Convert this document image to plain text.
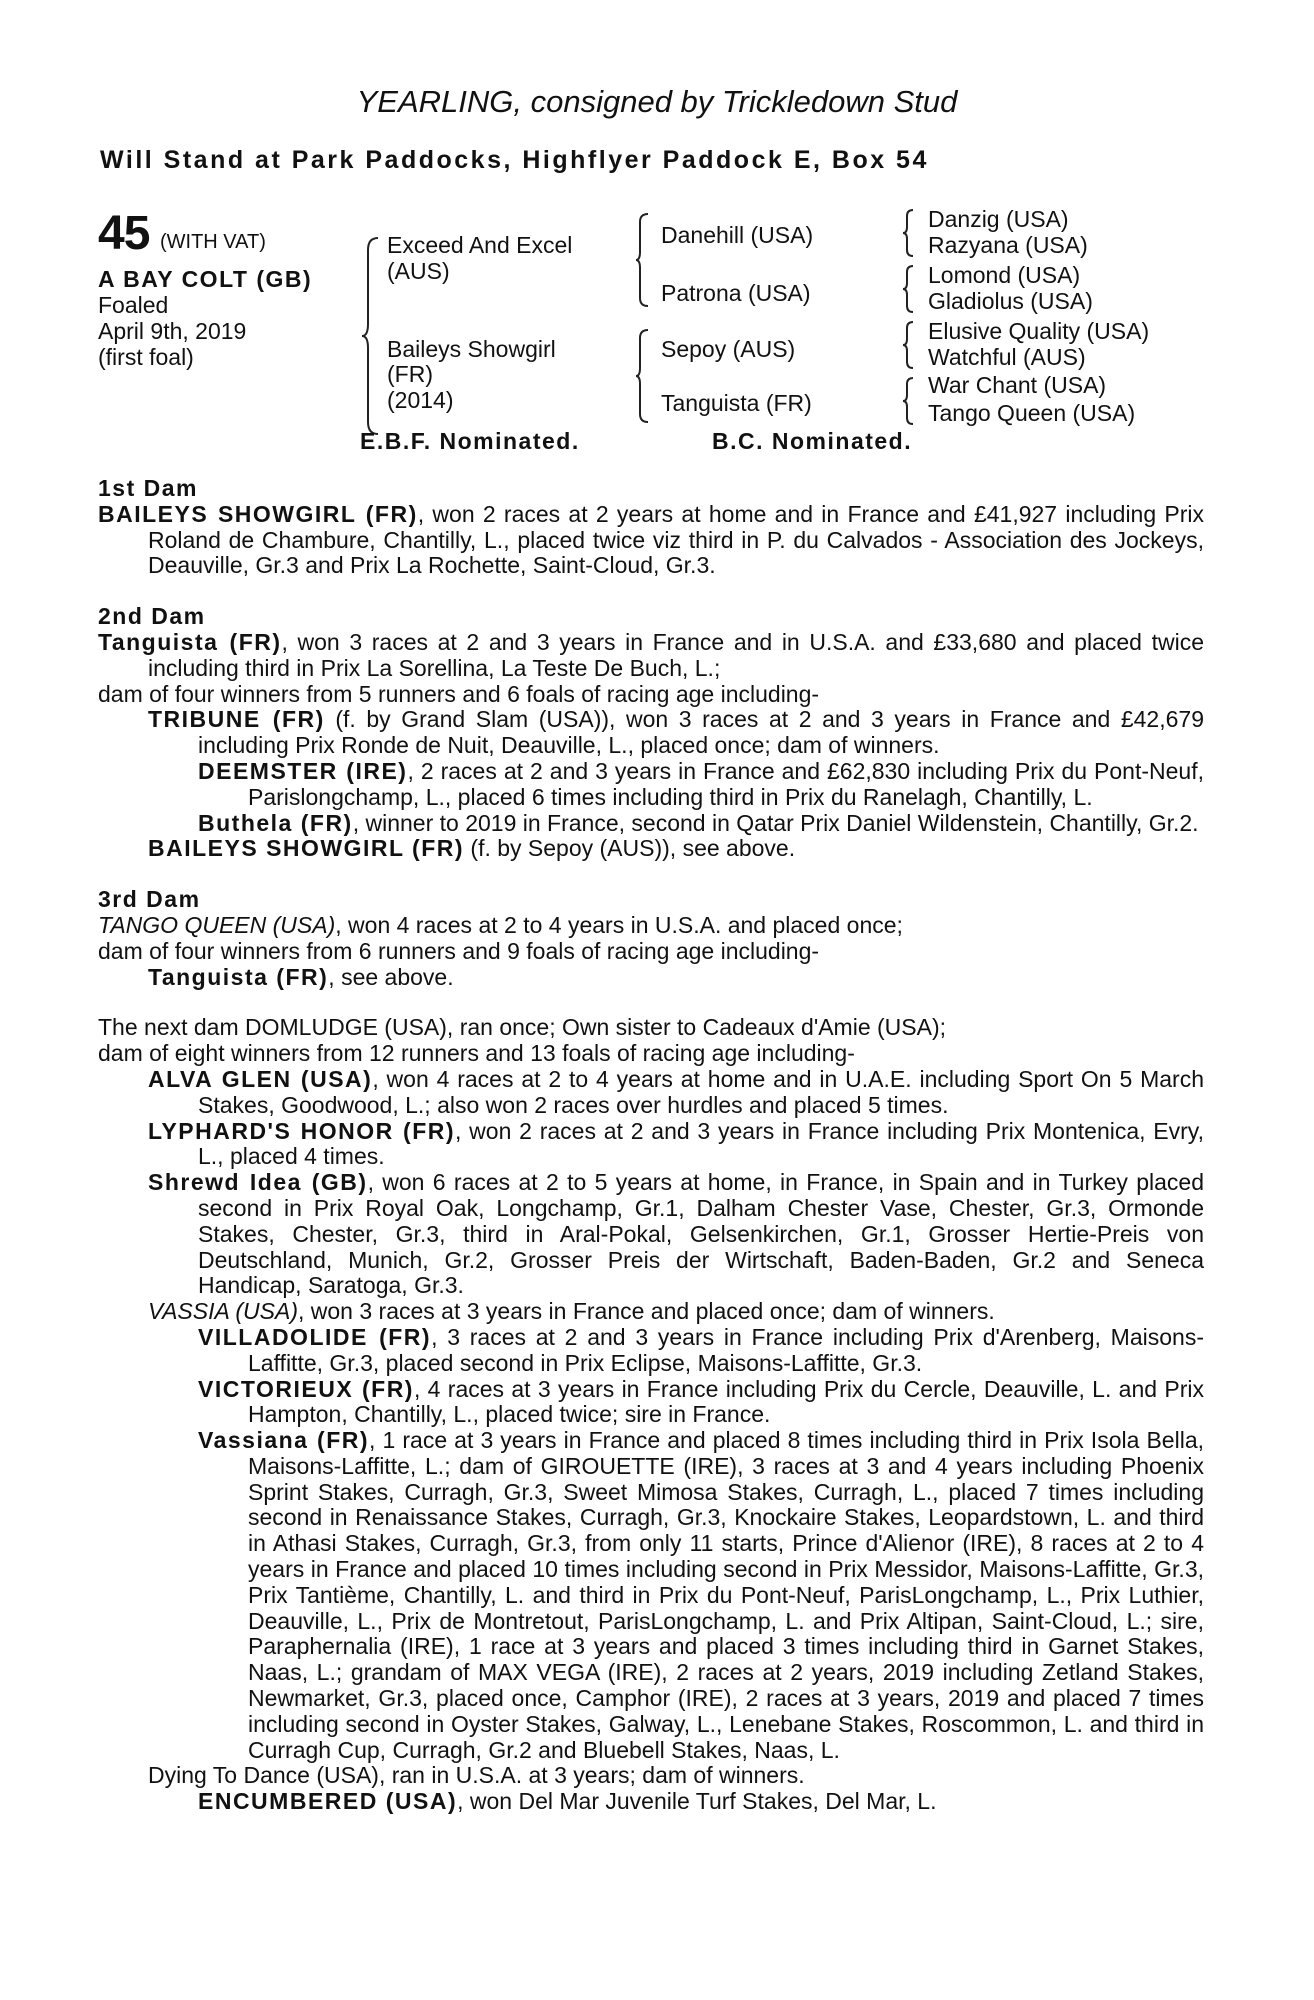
YEARLING, consigned by Trickledown Stud
Will Stand at Park Paddocks, Highflyer Paddock E, Box 54
45 (WITH VAT)
A BAY COLT (GB)
Foaled
April 9th, 2019
(first foal)
Exceed And Excel
(AUS)
Baileys Showgirl
(FR)
(2014)
Danehill (USA)
Patrona (USA)
Sepoy (AUS)
Tanguista (FR)
Danzig (USA)
Razyana (USA)
Lomond (USA)
Gladiolus (USA)
Elusive Quality (USA)
Watchful (AUS)
War Chant (USA)
Tango Queen (USA)
E.B.F. Nominated.	B.C. Nominated.
1st Dam
BAILEYS SHOWGIRL (FR), won 2 races at 2 years at home and in France and £41,927 including Prix Roland de Chambure, Chantilly, L., placed twice viz third in P. du Calvados - Association des Jockeys, Deauville, Gr.3 and Prix La Rochette, Saint-Cloud, Gr.3.
2nd Dam
Tanguista (FR), won 3 races at 2 and 3 years in France and in U.S.A. and £33,680 and placed twice including third in Prix La Sorellina, La Teste De Buch, L.;
dam of four winners from 5 runners and 6 foals of racing age including-
TRIBUNE (FR) (f. by Grand Slam (USA)), won 3 races at 2 and 3 years in France and £42,679 including Prix Ronde de Nuit, Deauville, L., placed once; dam of winners.
DEEMSTER (IRE), 2 races at 2 and 3 years in France and £62,830 including Prix du Pont-Neuf, Parislongchamp, L., placed 6 times including third in Prix du Ranelagh, Chantilly, L.
Buthela (FR), winner to 2019 in France, second in Qatar Prix Daniel Wildenstein, Chantilly, Gr.2.
BAILEYS SHOWGIRL (FR) (f. by Sepoy (AUS)), see above.
3rd Dam
TANGO QUEEN (USA), won 4 races at 2 to 4 years in U.S.A. and placed once;
dam of four winners from 6 runners and 9 foals of racing age including-
Tanguista (FR), see above.
The next dam DOMLUDGE (USA), ran once; Own sister to Cadeaux d'Amie (USA);
dam of eight winners from 12 runners and 13 foals of racing age including-
ALVA GLEN (USA), won 4 races at 2 to 4 years at home and in U.A.E. including Sport On 5 March Stakes, Goodwood, L.; also won 2 races over hurdles and placed 5 times.
LYPHARD'S HONOR (FR), won 2 races at 2 and 3 years in France including Prix Montenica, Evry, L., placed 4 times.
Shrewd Idea (GB), won 6 races at 2 to 5 years at home, in France, in Spain and in Turkey placed second in Prix Royal Oak, Longchamp, Gr.1, Dalham Chester Vase, Chester, Gr.3, Ormonde Stakes, Chester, Gr.3, third in Aral-Pokal, Gelsenkirchen, Gr.1, Grosser Hertie-Preis von Deutschland, Munich, Gr.2, Grosser Preis der Wirtschaft, Baden-Baden, Gr.2 and Seneca Handicap, Saratoga, Gr.3.
VASSIA (USA), won 3 races at 3 years in France and placed once; dam of winners.
VILLADOLIDE (FR), 3 races at 2 and 3 years in France including Prix d'Arenberg, Maisons-Laffitte, Gr.3, placed second in Prix Eclipse, Maisons-Laffitte, Gr.3.
VICTORIEUX (FR), 4 races at 3 years in France including Prix du Cercle, Deauville, L. and Prix Hampton, Chantilly, L., placed twice; sire in France.
Vassiana (FR), 1 race at 3 years in France and placed 8 times including third in Prix Isola Bella, Maisons-Laffitte, L.; dam of GIROUETTE (IRE), 3 races at 3 and 4 years including Phoenix Sprint Stakes, Curragh, Gr.3, Sweet Mimosa Stakes, Curragh, L., placed 7 times including second in Renaissance Stakes, Curragh, Gr.3, Knockaire Stakes, Leopardstown, L. and third in Athasi Stakes, Curragh, Gr.3, from only 11 starts, Prince d'Alienor (IRE), 8 races at 2 to 4 years in France and placed 10 times including second in Prix Messidor, Maisons-Laffitte, Gr.3, Prix Tantième, Chantilly, L. and third in Prix du Pont-Neuf, ParisLongchamp, L., Prix Luthier, Deauville, L., Prix de Montretout, ParisLongchamp, L. and Prix Altipan, Saint-Cloud, L.; sire, Paraphernalia (IRE), 1 race at 3 years and placed 3 times including third in Garnet Stakes, Naas, L.; grandam of MAX VEGA (IRE), 2 races at 2 years, 2019 including Zetland Stakes, Newmarket, Gr.3, placed once, Camphor (IRE), 2 races at 3 years, 2019 and placed 7 times including second in Oyster Stakes, Galway, L., Lenebane Stakes, Roscommon, L. and third in Curragh Cup, Curragh, Gr.2 and Bluebell Stakes, Naas, L.
Dying To Dance (USA), ran in U.S.A. at 3 years; dam of winners.
ENCUMBERED (USA), won Del Mar Juvenile Turf Stakes, Del Mar, L.
